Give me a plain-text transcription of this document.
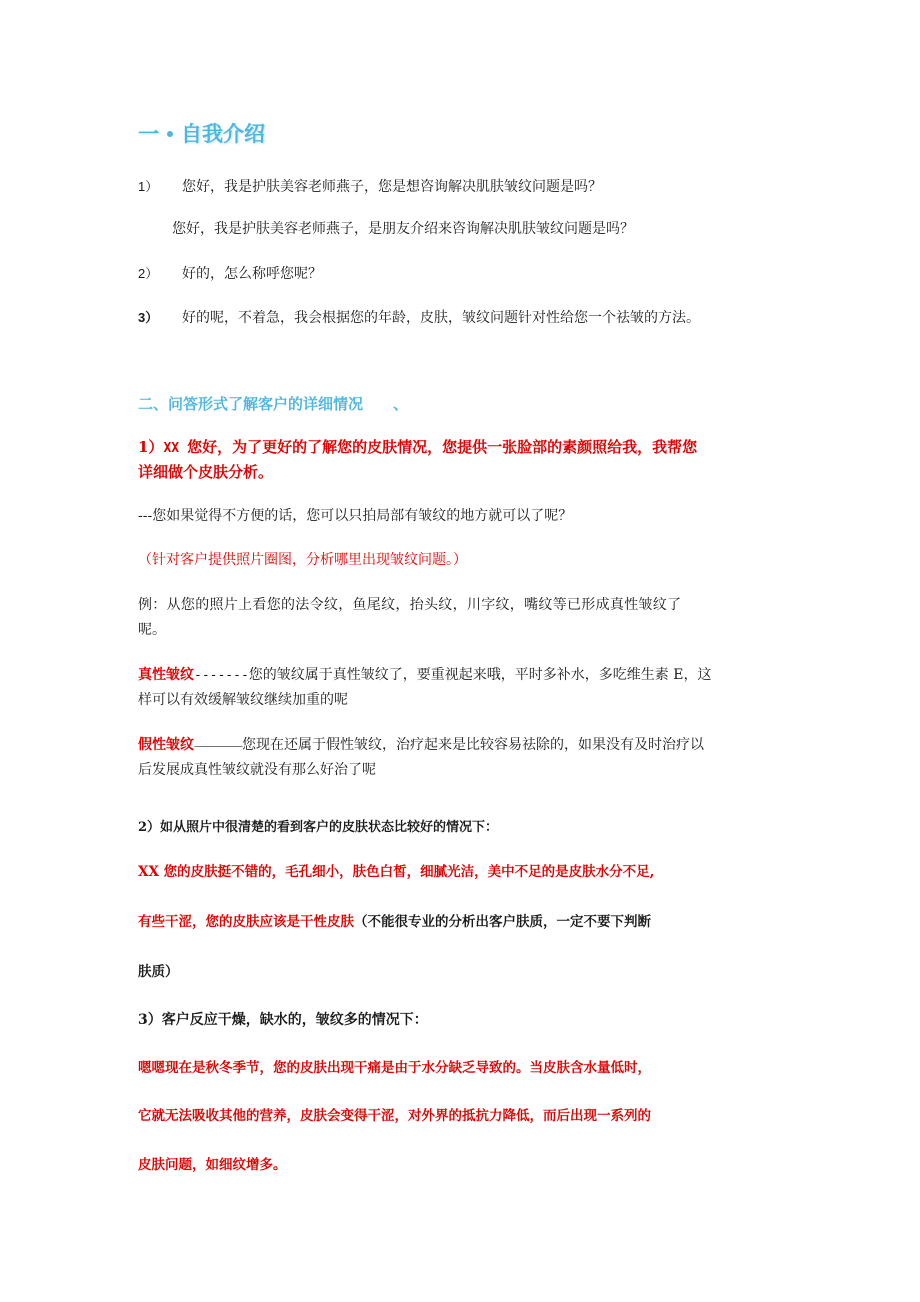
一 自我介绍
1） 您好，我是护肤美容老师燕子，您是想咨询解决肌肤皱纹问题是吗？
您好，我是护肤美容老师燕子，是朋友介绍来咨询解决肌肤皱纹问题是吗？
2） 好的，怎么称呼您呢？
3） 好的呢，不着急，我会根据您的年龄，皮肤，皱纹问题针对性给您一个祛皱的方法。
二、问答形式了解客户的详细情况 、
1）XX 您好，为了更好的了解您的皮肤情况，您提供一张脸部的素颜照给我，我帮您
详细做个皮肤分析。
---您如果觉得不方便的话，您可以只拍局部有皱纹的地方就可以了呢？
（针对客户提供照片圈图，分析哪里出现皱纹问题。）
例：从您的照片上看您的法令纹，鱼尾纹，抬头纹，川字纹，嘴纹等已形成真性皱纹了
呢。
真性皱纹-------您的皱纹属于真性皱纹了，要重视起来哦，平时多补水，多吃维生素 E，这
样可以有效缓解皱纹继续加重的呢
假性皱纹——————您现在还属于假性皱纹，治疗起来是比较容易祛除的，如果没有及时治疗以
后发展成真性皱纹就没有那么好治了呢
2）如从照片中很清楚的看到客户的皮肤状态比较好的情况下：
XX 您的皮肤挺不错的，毛孔细小，肤色白皙，细腻光洁，美中不足的是皮肤水分不足,
有些干涩，您的皮肤应该是干性皮肤（不能很专业的分析出客户肤质，一定不要下判断
肤质）
3）客户反应干燥，缺水的，皱纹多的情况下：
嗯嗯现在是秋冬季节，您的皮肤出现干痛是由于水分缺乏导致的。当皮肤含水量低时，
它就无法吸收其他的营养，皮肤会变得干涩，对外界的抵抗力降低，而后出现一系列的
皮肤问题，如细纹增多。
